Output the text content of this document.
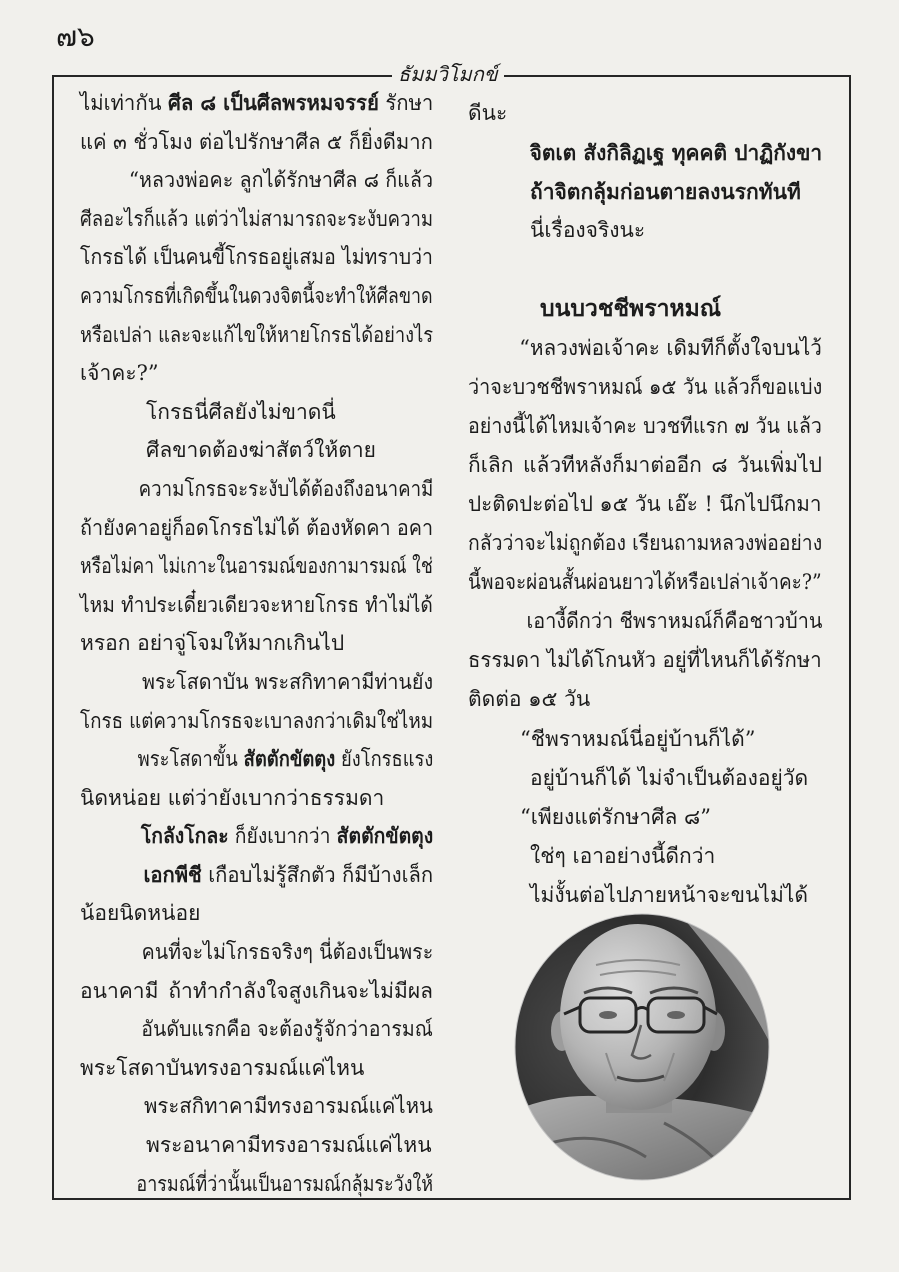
๗๖
ธัมมวิโมกข์
ไม่เท่ากัน ศีล ๘ เป็นศีลพรหมจรรย์ รักษา
แค่ ๓ ชั่วโมง ต่อไปรักษาศีล ๕ ก็ยิ่งดีมาก
“หลวงพ่อคะ ลูกได้รักษาศีล ๘ ก็แล้ว
ศีลอะไรก็แล้ว แต่ว่าไม่สามารถจะระงับความ
โกรธได้ เป็นคนขี้โกรธอยู่เสมอ ไม่ทราบว่า
ความโกรธที่เกิดขึ้นในดวงจิตนี้จะทำให้ศีลขาด
หรือเปล่า และจะแก้ไขให้หายโกรธได้อย่างไร
เจ้าคะ?”
โกรธนี่ศีลยังไม่ขาดนี่
ศีลขาดต้องฆ่าสัตว์ให้ตาย
ความโกรธจะระงับได้ต้องถึงอนาคามี
ถ้ายังคาอยู่ก็อดโกรธไม่ได้ ต้องหัดคา อคา
หรือไม่คา ไม่เกาะในอารมณ์ของกามารมณ์ ใช่
ไหม ทำประเดี๋ยวเดียวจะหายโกรธ ทำไม่ได้
หรอก อย่าจู่โจมให้มากเกินไป
พระโสดาบัน พระสกิทาคามีท่านยัง
โกรธ แต่ความโกรธจะเบาลงกว่าเดิมใช่ไหม
พระโสดาขั้น สัตตักขัตตุง ยังโกรธแรง
นิดหน่อย แต่ว่ายังเบากว่าธรรมดา
โกลังโกละ ก็ยังเบากว่า สัตตักขัตตุง
เอกพีชี เกือบไม่รู้สึกตัว ก็มีบ้างเล็ก
น้อยนิดหน่อย
คนที่จะไม่โกรธจริงๆ นี่ต้องเป็นพระ
อนาคามี ถ้าทำกำลังใจสูงเกินจะไม่มีผล
อันดับแรกคือ จะต้องรู้จักว่าอารมณ์
พระโสดาบันทรงอารมณ์แค่ไหน
พระสกิทาคามีทรงอารมณ์แค่ไหน
พระอนาคามีทรงอารมณ์แค่ไหน
อารมณ์ที่ว่านั้นเป็นอารมณ์กลุ้มระวังให้
ดีนะ
จิตเต สังกิลิฏเฐ ทุคคติ ปาฏิกังขา
ถ้าจิตกลุ้มก่อนตายลงนรกทันที
นี่เรื่องจริงนะ
บนบวชชีพราหมณ์
“หลวงพ่อเจ้าคะ เดิมทีก็ตั้งใจบนไว้
ว่าจะบวชชีพราหมณ์ ๑๕ วัน แล้วก็ขอแบ่ง
อย่างนี้ได้ไหมเจ้าคะ บวชทีแรก ๗ วัน แล้ว
ก็เลิก แล้วทีหลังก็มาต่ออีก ๘ วันเพิ่มไป
ปะติดปะต่อไป ๑๕ วัน เอ๊ะ ! นึกไปนึกมา
กลัวว่าจะไม่ถูกต้อง เรียนถามหลวงพ่ออย่าง
นี้พอจะผ่อนสั้นผ่อนยาวได้หรือเปล่าเจ้าคะ?”
เอางี้ดีกว่า ชีพราหมณ์ก็คือชาวบ้าน
ธรรมดา ไม่ได้โกนหัว อยู่ที่ไหนก็ได้รักษา
ติดต่อ ๑๕ วัน
“ชีพราหมณ์นี่อยู่บ้านก็ได้”
อยู่บ้านก็ได้ ไม่จำเป็นต้องอยู่วัด
“เพียงแต่รักษาศีล ๘”
ใช่ๆ เอาอย่างนี้ดีกว่า
ไม่งั้นต่อไปภายหน้าจะขนไม่ได้
